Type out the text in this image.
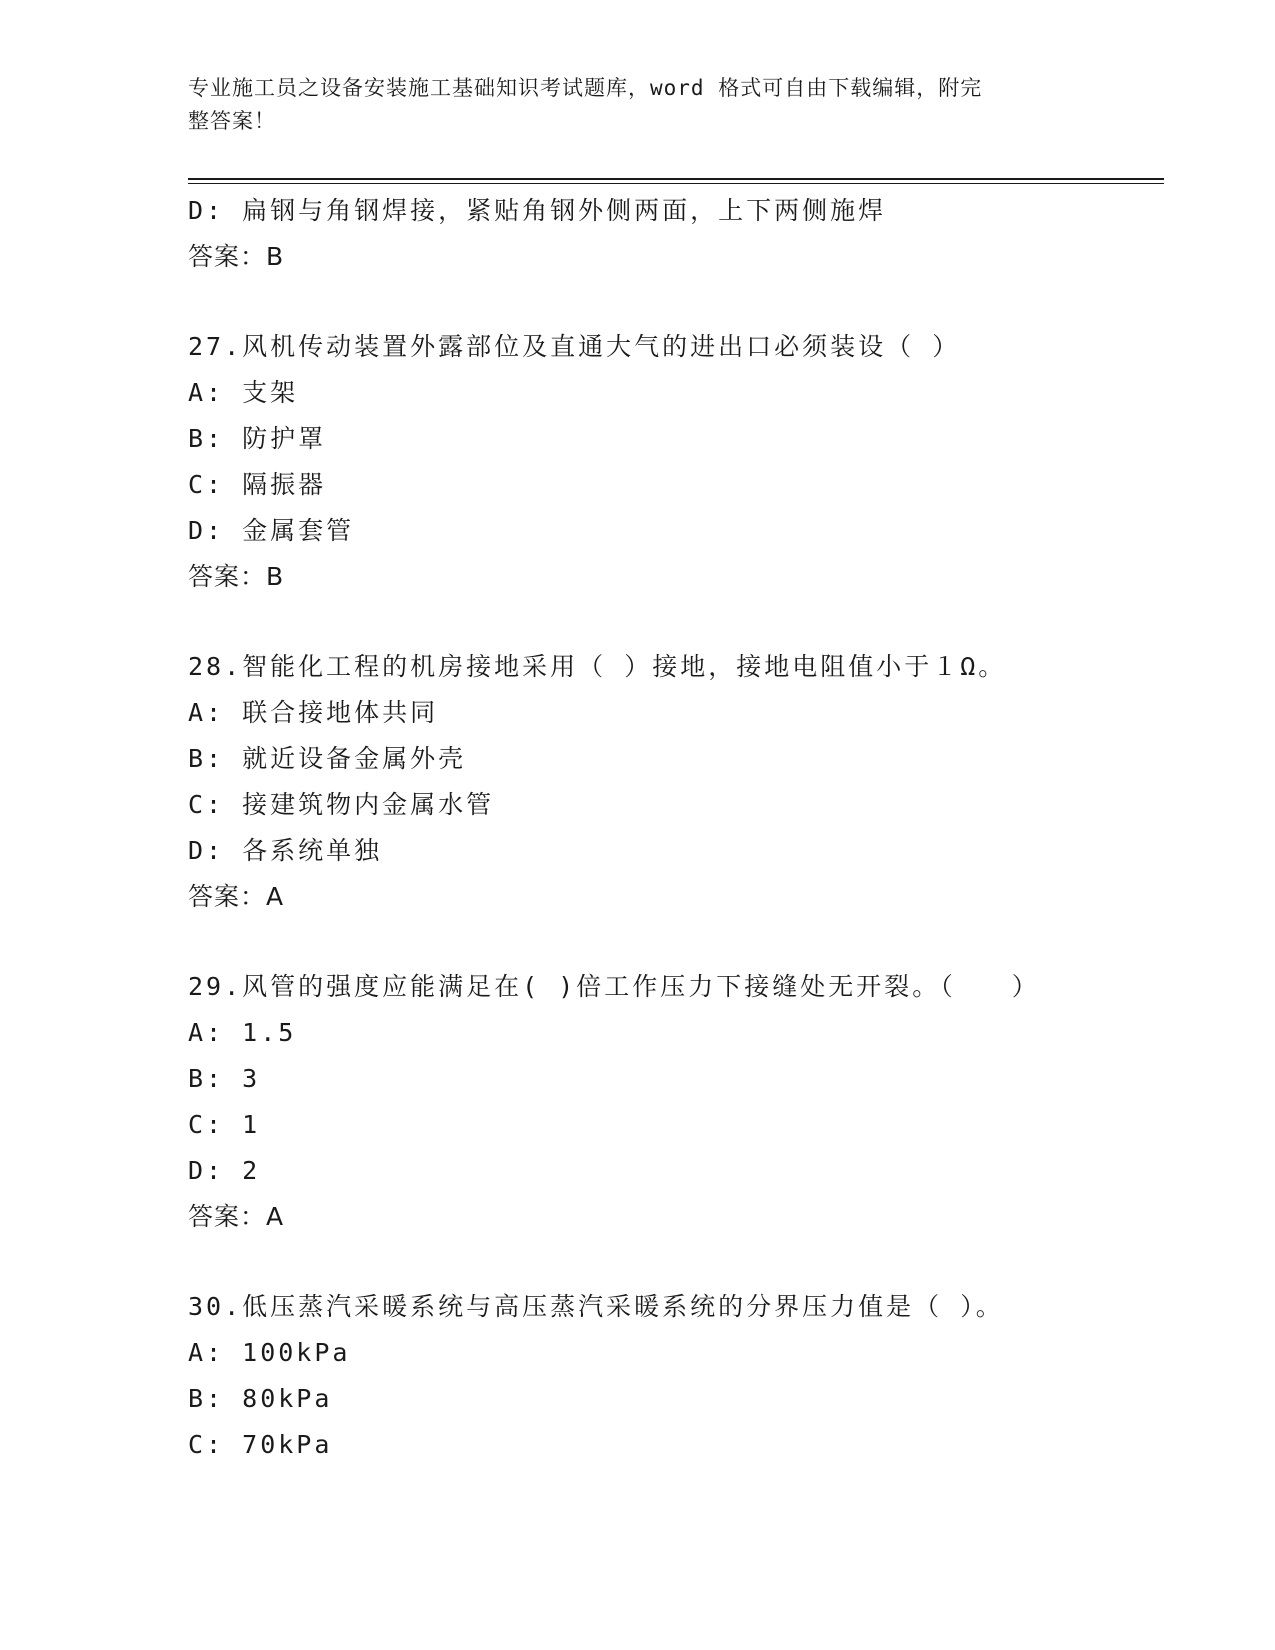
专业施工员之设备安装施工基础知识考试题库，word 格式可自由下载编辑，附完
整答案！
D: 扁钢与角钢焊接，紧贴角钢外侧两面，上下两侧施焊
答案：B
27.风机传动装置外露部位及直通大气的进出口必须装设（ ）
A: 支架
B: 防护罩
C: 隔振器
D: 金属套管
答案：B
28.智能化工程的机房接地采用（ ）接地，接地电阻值小于１Ω。
A: 联合接地体共同
B: 就近设备金属外壳
C: 接建筑物内金属水管
D: 各系统单独
答案：A
29.风管的强度应能满足在( )倍工作压力下接缝处无开裂。（　　）
A: 1.5
B: 3
C: 1
D: 2
答案：A
30.低压蒸汽采暖系统与高压蒸汽采暖系统的分界压力值是（ ）。
A: 100kPa
B: 80kPa
C: 70kPa
